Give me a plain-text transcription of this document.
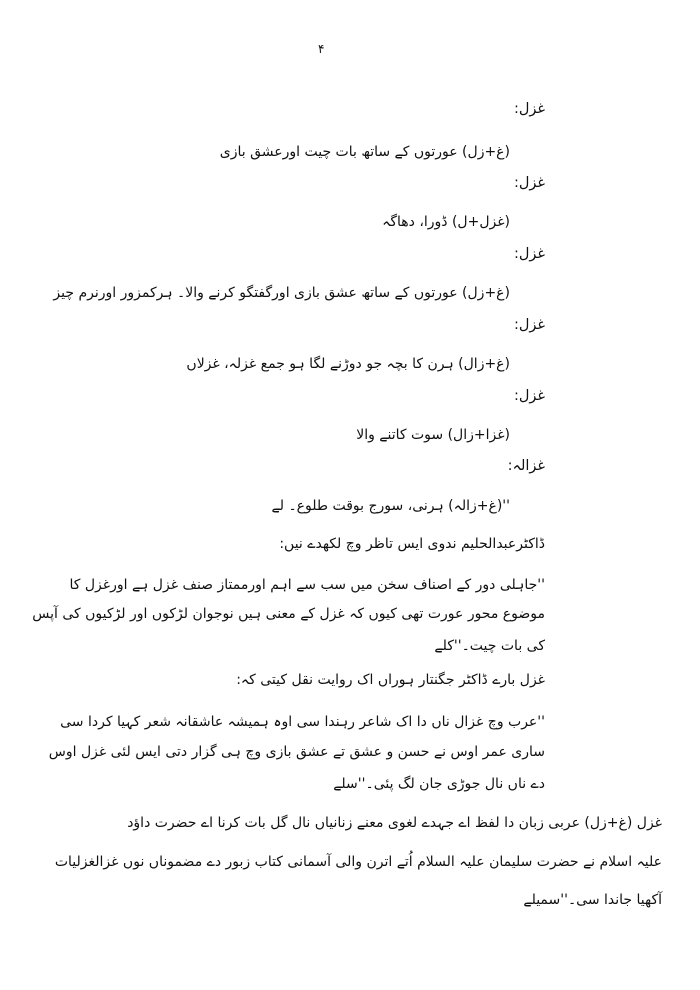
۴
غزل:
(غ+زل) عورتوں کے ساتھ بات چیت اورعشق بازی
غزل:
(غزل+ل) ڈورا، دھاگہ
غزل:
(غ+زل) عورتوں کے ساتھ عشق بازی اورگفتگو کرنے والا۔ ہرکمزور اورنرم چیز
غزل:
(غ+زال) ہرن کا بچہ جو دوڑنے لگا ہو جمع غزلہ، غزلاں
غزل:
(غزا+زال) سوت کاتنے والا
غزالہ:
''(غ+زالہ) ہرنی، سورج بوقت طلوع۔ لے
ڈاکٹرعبدالحلیم ندوی ایس تاظر وچ لکھدے نیں:
''جاہلی دور کے اصناف سخن میں سب سے اہم اورممتاز صنف غزل ہے اورغزل کا
موضوع محور عورت تھی کیوں کہ غزل کے معنی ہیں نوجوان لڑکوں اور لڑکیوں کی آپس
کی بات چیت۔''کلے
غزل بارے ڈاکٹر جگنتار ہوراں اک روایت نقل کیتی کہ:
''عرب وچ غزال ناں دا اک شاعر رہندا سی اوہ ہمیشہ عاشقانہ شعر کہیا کردا سی
ساری عمر اوس نے حسن و عشق تے عشق بازی وچ ہی گزار دتی ایس لئی غزل اوس
دے ناں نال جوڑی جان لگ پئی۔''سلے
غزل (غ+زل) عربی زبان دا لفظ اے جہدے لغوی معنے زنانیاں نال گل بات کرنا اے حضرت داؤد
علیہ اسلام نے حضرت سلیمان علیہ السلام اُتے اترن والی آسمانی کتاب زبور دے مضموناں نوں غزالغزلیات
آکھیا جاندا سی۔''سمیلے
